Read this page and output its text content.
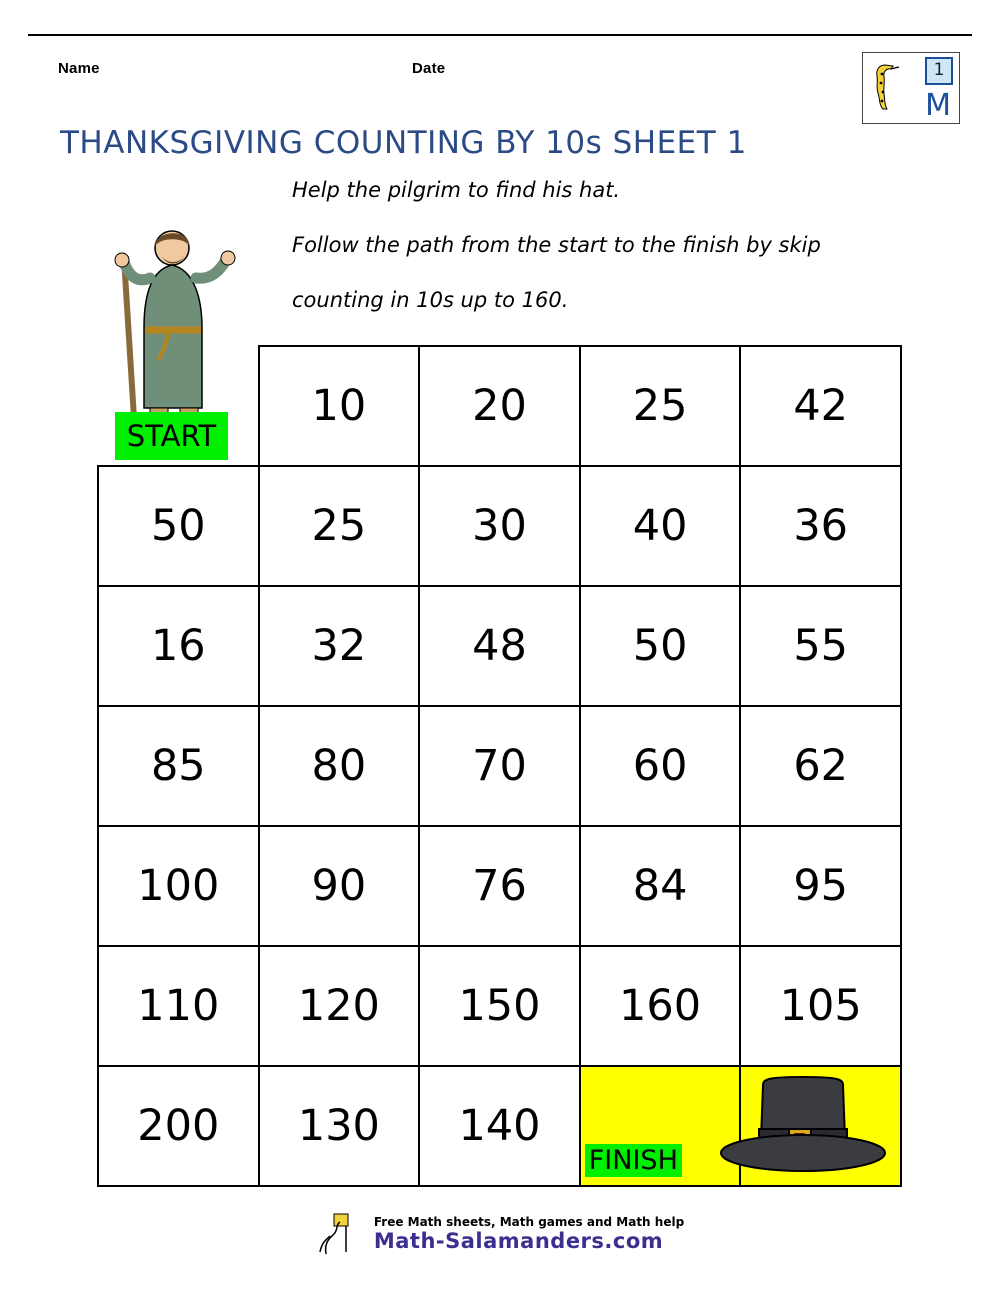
Name	Date	1
M
THANKSGIVING COUNTING BY 10s SHEET 1
Help the pilgrim to find his hat.
Follow the path from the start to the finish by skip
counting in 10s up to 160.
START
	10	20	25	42
50	25	30	40	36
16	32	48	50	55
85	80	70	60	62
100	90	76	84	95
110	120	150	160	105
200	130	140	FINISH

Free Math sheets, Math games and Math help
Math-Salamanders.com
